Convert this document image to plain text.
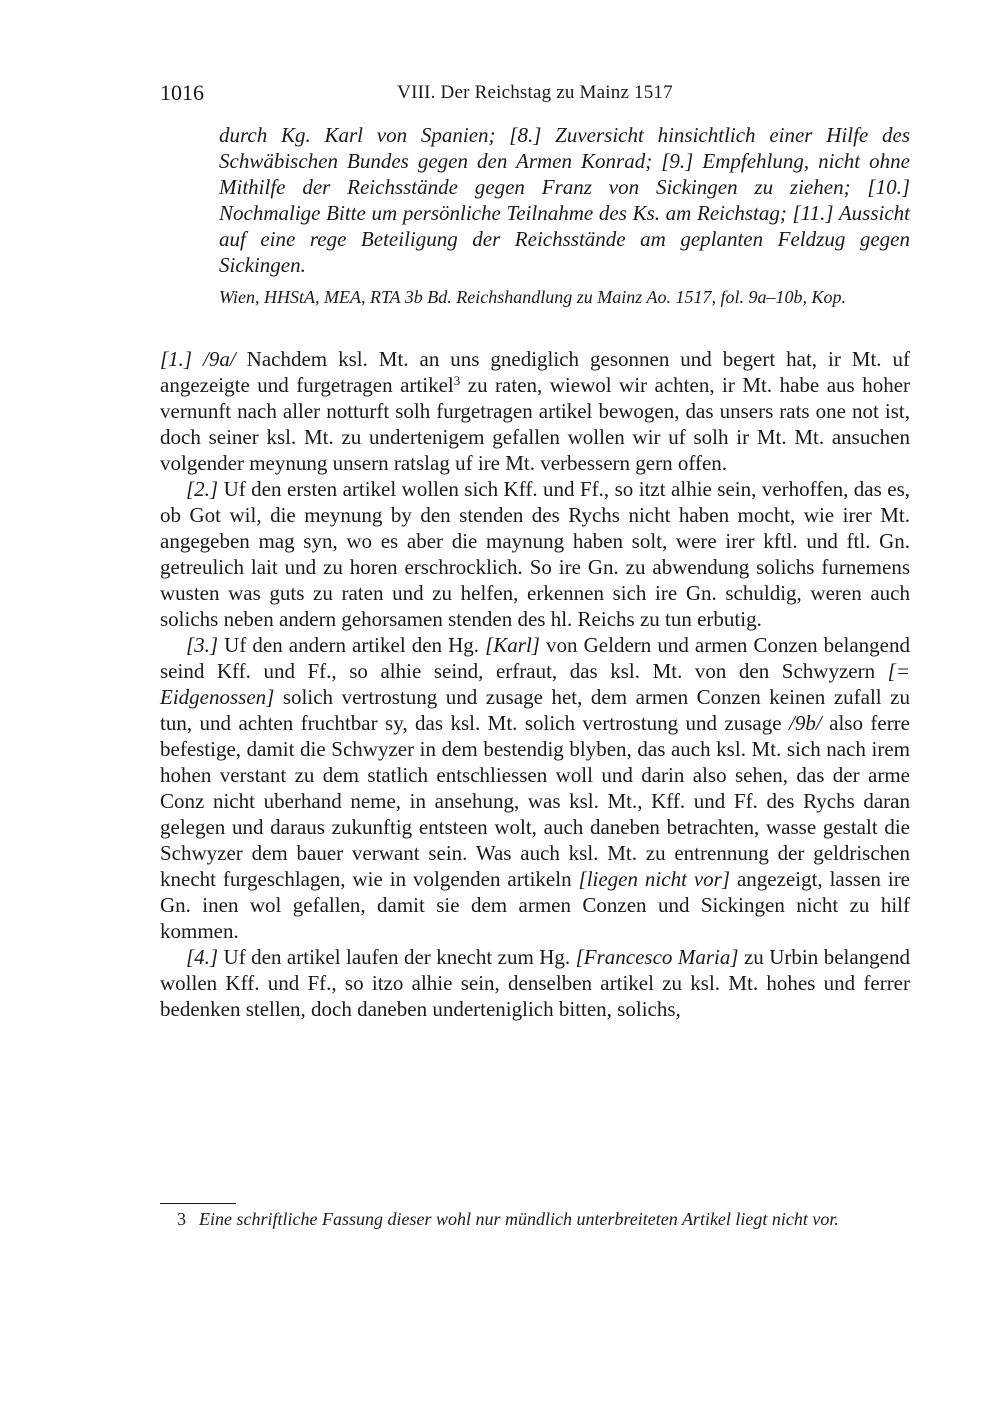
1016	VIII. Der Reichstag zu Mainz 1517

durch Kg. Karl von Spanien; [8.] Zuversicht hinsichtlich einer Hilfe des Schwäbischen Bundes gegen den Armen Konrad; [9.] Empfehlung, nicht ohne Mithilfe der Reichsstände gegen Franz von Sickingen zu ziehen; [10.] Nochmalige Bitte um persönliche Teilnahme des Ks. am Reichstag; [11.] Aussicht auf eine rege Beteiligung der Reichsstände am geplanten Feldzug gegen Sickingen.

Wien, HHStA, MEA, RTA 3b Bd. Reichshandlung zu Mainz Ao. 1517, fol. 9a–10b, Kop.

[1.] /9a/ Nachdem ksl. Mt. an uns gnediglich gesonnen und begert hat, ir Mt. uf angezeigte und furgetragen artikel$^3$ zu raten, wiewol wir achten, ir Mt. habe aus hoher vernunft nach aller notturft solh furgetragen artikel bewogen, das unsers rats one not ist, doch seiner ksl. Mt. zu undertenigem gefallen wollen wir uf solh ir Mt. Mt. ansuchen volgender meynung unsern ratslag uf ire Mt. verbessern gern offen.

[2.] Uf den ersten artikel wollen sich Kff. und Ff., so itzt alhie sein, verhoffen, das es, ob Got wil, die meynung by den stenden des Rychs nicht haben mocht, wie irer Mt. angegeben mag syn, wo es aber die maynung haben solt, were irer kftl. und ftl. Gn. getreulich lait und zu horen erschrocklich. So ire Gn. zu abwendung solichs furnemens wusten was guts zu raten und zu helfen, erkennen sich ire Gn. schuldig, weren auch solichs neben andern gehorsamen stenden des hl. Reichs zu tun erbutig.

[3.] Uf den andern artikel den Hg. [Karl] von Geldern und armen Conzen belangend seind Kff. und Ff., so alhie seind, erfraut, das ksl. Mt. von den Schwyzern [= Eidgenossen] solich vertrostung und zusage het, dem armen Conzen keinen zufall zu tun, und achten fruchtbar sy, das ksl. Mt. solich vertrostung und zusage /9b/ also ferre befestige, damit die Schwyzer in dem bestendig blyben, das auch ksl. Mt. sich nach irem hohen verstant zu dem statlich entschliessen woll und darin also sehen, das der arme Conz nicht uberhand neme, in ansehung, was ksl. Mt., Kff. und Ff. des Rychs daran gelegen und daraus zukunftig entsteen wolt, auch daneben betrachten, wasse gestalt die Schwyzer dem bauer verwant sein. Was auch ksl. Mt. zu entrennung der geldrischen knecht furgeschlagen, wie in volgenden artikeln [liegen nicht vor] angezeigt, lassen ire Gn. inen wol gefallen, damit sie dem armen Conzen und Sickingen nicht zu hilf kommen.

[4.] Uf den artikel laufen der knecht zum Hg. [Francesco Maria] zu Urbin belangend wollen Kff. und Ff., so itzo alhie sein, denselben artikel zu ksl. Mt. hohes und ferrer bedenken stellen, doch daneben underteniglich bitten, solichs,

3 Eine schriftliche Fassung dieser wohl nur mündlich unterbreiteten Artikel liegt nicht vor.
